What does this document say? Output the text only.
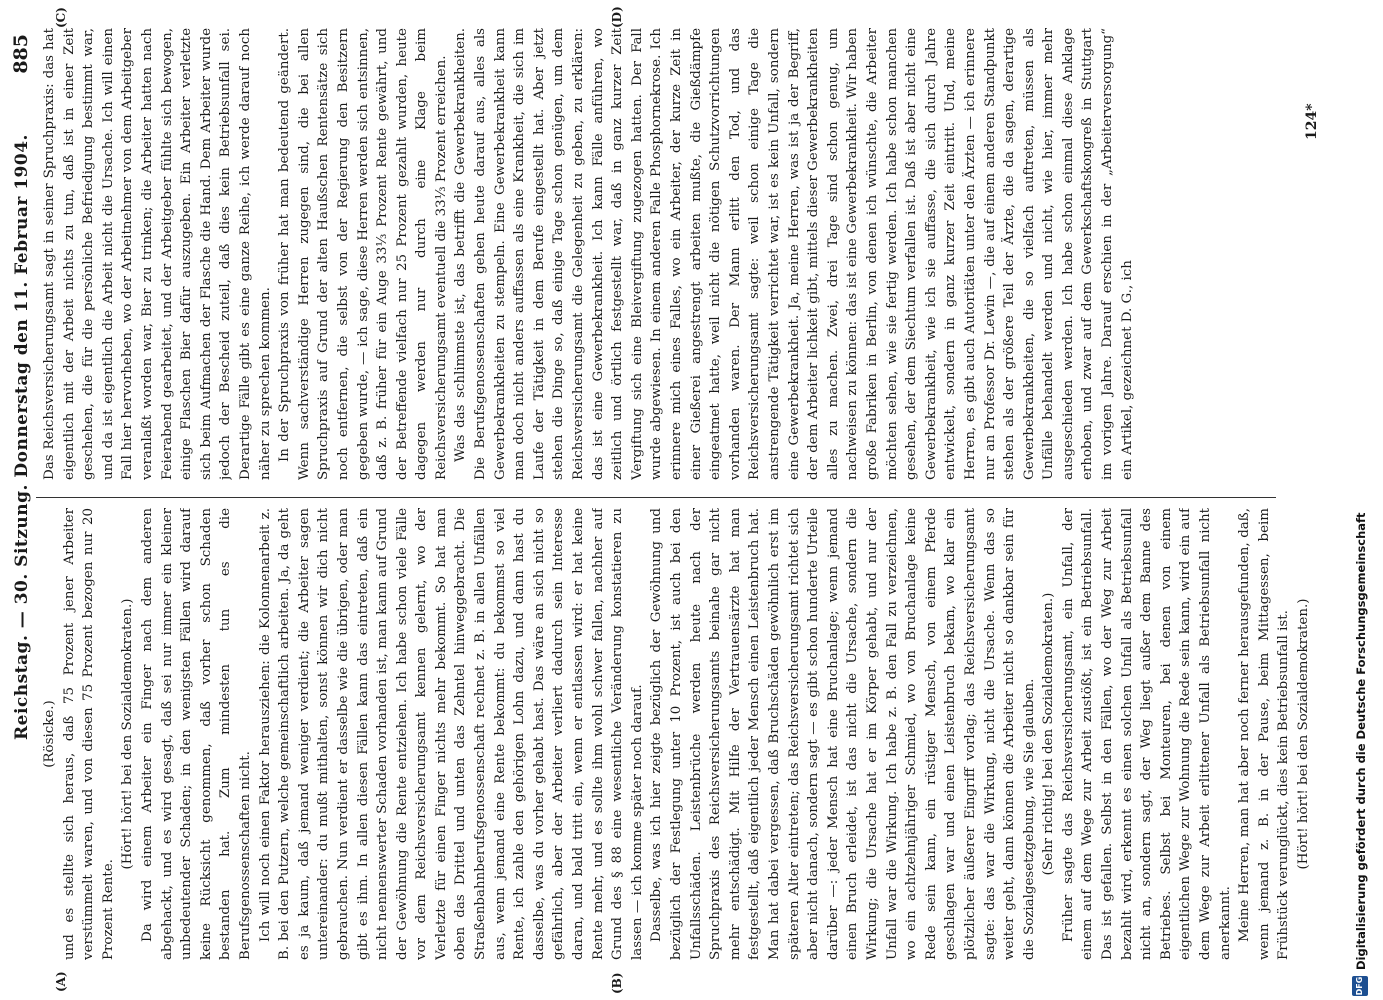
Reichstag. — 30. Sitzung. Donnerstag den 11. Februar 1904.
885
(A)	(B)
(C)	(D)

(Rösicke.) und es stellte sich heraus, daß 75 Prozent jener Arbeiter verstümmelt waren, und von diesen 75 Prozent bezogen nur 20 Prozent Rente.

(Hört! hört! bei den Sozialdemokraten.) Da wird einem Arbeiter ein Finger nach dem anderen abgehackt, und es wird gesagt, daß sei nur immer ein kleiner unbedeutender Schaden; in den wenigsten Fällen wird darauf keine Rücksicht genommen, daß vorher schon Schaden bestanden hat. Zum mindesten tun es die Berufsgenossenschaften nicht. Ich will noch einen Faktor herausziehen: die Kolonnenarbeit z. B. bei den Putzern, welche gemeinschaftlich arbeiten. Ja, da geht es ja kaum, daß jemand weniger verdient; die Arbeiter sagen untereinander: du mußt mithalten, sonst können wir dich nicht gebrauchen. Nun verdient er dasselbe wie die übrigen, oder man gibt es ihm. In allen diesen Fällen kann das eintreten, daß ein nicht nennenswerter Schaden vorhanden ist, man kann auf Grund der Gewöhnung die Rente entziehen. Ich habe schon viele Fälle vor dem Reichsversicherungsamt kennen gelernt, wo der Verletzte für einen Finger nichts mehr bekommt. So hat man oben das Drittel und unten das Zehntel hinweggebracht. Die Straßenbahnberufsgenossenschaft rechnet z. B. in allen Unfällen aus, wenn jemand eine Rente bekommt: du bekommst so viel Rente, ich zahle den gehörigen Lohn dazu, und dann hast du dasselbe, was du vorher gehabt hast. Das wäre an sich nicht so gefährlich, aber der Arbeiter verliert dadurch sein Interesse daran, und bald tritt ein, wenn er entlassen wird: er hat keine Rente mehr, und es sollte ihm wohl schwer fallen, nachher auf Grund des § 88 eine wesentliche Veränderung konstatieren zu lassen — ich komme später noch darauf. Dasselbe, was ich hier zeigte bezüglich der Gewöhnung und bezüglich der Festlegung unter 10 Prozent, ist auch bei den Unfallsschäden. Leistenbrüche werden heute nach der Spruchpraxis des Reichsversicherungsamts beinahe gar nicht mehr entschädigt. Mit Hilfe der Vertrauensärzte hat man festgestellt, daß eigentlich jeder Mensch einen Leistenbruch hat. Man hat dabei vergessen, daß Bruchschäden gewöhnlich erst im späteren Alter eintreten; das Reichsversicherungsamt richtet sich aber nicht danach, sondern sagt — es gibt schon hunderte Urteile darüber —: jeder Mensch hat eine Bruchanlage; wenn jemand einen Bruch erleidet, ist das nicht die Ursache, sondern die Wirkung; die Ursache hat er im Körper gehabt, und nur der Unfall war die Wirkung. Ich habe z. B. den Fall zu verzeichnen, wo ein achtzehnjähriger Schmied, wo von Bruchanlage keine Rede sein kann, ein rüstiger Mensch, von einem Pferde geschlagen war und einen Leistenbruch bekam, wo klar ein plötzlicher äußerer Eingriff vorlag; das Reichsversicherungsamt sagte: das war die Wirkung, nicht die Ursache. Wenn das so weiter geht, dann können die Arbeiter nicht so dankbar sein für die Sozialgesetzgebung, wie Sie glauben. (Sehr richtig! bei den Sozialdemokraten.) Früher sagte das Reichsversicherungsamt, ein Unfall, der einem auf dem Wege zur Arbeit zustößt, ist ein Betriebsunfall. Das ist gefallen. Selbst in den Fällen, wo der Weg zur Arbeit bezahlt wird, erkennt es einen solchen Unfall als Betriebsunfall nicht an, sondern sagt, der Weg liegt außer dem Banne des Betriebes. Selbst bei Monteuren, bei denen von einem eigentlichen Wege zur Wohnung die Rede sein kann, wird ein auf dem Wege zur Arbeit erlittener Unfall als Betriebsunfall nicht anerkannt. Meine Herren, man hat aber noch ferner herausgefunden, daß, wenn jemand z. B. in der Pause, beim Mittagessen, beim Frühstück verunglückt, dies kein Betriebsunfall ist. (Hört! hört! bei den Sozialdemokraten.)

Das Reichsversicherungsamt sagt in seiner Spruchpraxis: das hat eigentlich mit der Arbeit nichts zu tun, daß ist in einer Zeit geschehen, die für die persönliche Befriedigung bestimmt war, und da ist eigentlich die Arbeit nicht die Ursache. Ich will einen Fall hier hervorheben, wo der Arbeitnehmer von dem Arbeitgeber veranlaßt worden war, Bier zu trinken; die Arbeiter hatten nach Feierabend gearbeitet, und der Arbeitgeber fühlte sich bewogen, einige Flaschen Bier dafür auszugeben. Ein Arbeiter verletzte sich beim Aufmachen der Flasche die Hand. Dem Arbeiter wurde jedoch der Bescheid zuteil, daß dies kein Betriebsunfall sei. Derartige Fälle gibt es eine ganze Reihe, ich werde darauf noch näher zu sprechen kommen. In der Spruchpraxis von früher hat man bedeutend geändert. Wenn sachverständige Herren zugegen sind, die bei allen Spruchpraxis auf Grund der alten Haußschen Rentensätze sich noch entfernen, die selbst von der Regierung den Besitzern gegeben wurde, — ich sage, diese Herren werden sich entsinnen, daß z. B. früher für ein Auge 33⅓ Prozent Rente gewährt, und der Betreffende vielfach nur 25 Prozent gezahlt wurden, heute dagegen werden nur durch eine Klage beim Reichsversicherungsamt eventuell die 33⅓ Prozent erreichen. Was das schlimmste ist, das betrifft die Gewerbekrankheiten. Die Berufsgenossenschaften gehen heute darauf aus, alles als Gewerbekrankheiten zu stempeln. Eine Gewerbekrankheit kann man doch nicht anders auffassen als eine Krankheit, die sich im Laufe der Tätigkeit in dem Berufe eingestellt hat. Aber jetzt stehen die Dinge so, daß einige Tage schon genügen, um dem Reichsversicherungsamt die Gelegenheit zu geben, zu erklären: das ist eine Gewerbekrankheit. Ich kann Fälle anführen, wo zeitlich und örtlich festgestellt war, daß in ganz kurzer Zeit Vergiftung sich eine Bleivergiftung zugezogen hatten. Der Fall wurde abgewiesen. In einem anderen Falle Phosphornekrose. Ich erinnere mich eines Falles, wo ein Arbeiter, der kurze Zeit in einer Gießerei angestrengt arbeiten mußte, die Gießdämpfe eingeatmet hatte, weil nicht die nötigen Schutzvorrichtungen vorhanden waren. Der Mann erlitt den Tod, und das Reichsversicherungsamt sagte: weil schon einige Tage die anstrengende Tätigkeit verrichtet war, ist es kein Unfall, sondern eine Gewerbekrankheit. Ja, meine Herren, was ist ja der Begriff, der dem Arbeiter lichkeit gibt, mittels dieser Gewerbekrankheiten alles zu machen. Zwei, drei Tage sind schon genug, um nachweisen zu können: das ist eine Gewerbekrankheit. Wir haben große Fabriken in Berlin, von denen ich wünschte, die Arbeiter möchten sehen, wie sie fertig werden. Ich habe schon manchen gesehen, der dem Siechtum verfallen ist. Daß ist aber nicht eine Gewerbekrankheit, wie ich sie auffasse, die sich durch Jahre entwickelt, sondern in ganz kurzer Zeit eintritt. Und, meine Herren, es gibt auch Autoritäten unter den Ärzten — ich erinnere nur an Professor Dr. Lewin —, die auf einem anderen Standpunkt stehen als der größere Teil der Ärzte, die da sagen, derartige Gewerbekrankheiten, die so vielfach auftreten, müssen als Unfälle behandelt werden und nicht, wie hier, immer mehr ausgeschieden werden. Ich habe schon einmal diese Anklage erhoben, und zwar auf dem Gewerkschaftskongreß in Stuttgart im vorigen Jahre. Darauf erschien in der „Arbeiterversorgung“ ein Artikel, gezeichnet D. G., ich

124*
DFG
Digitalisierung gefördert durch die Deutsche Forschungsgemeinschaft
